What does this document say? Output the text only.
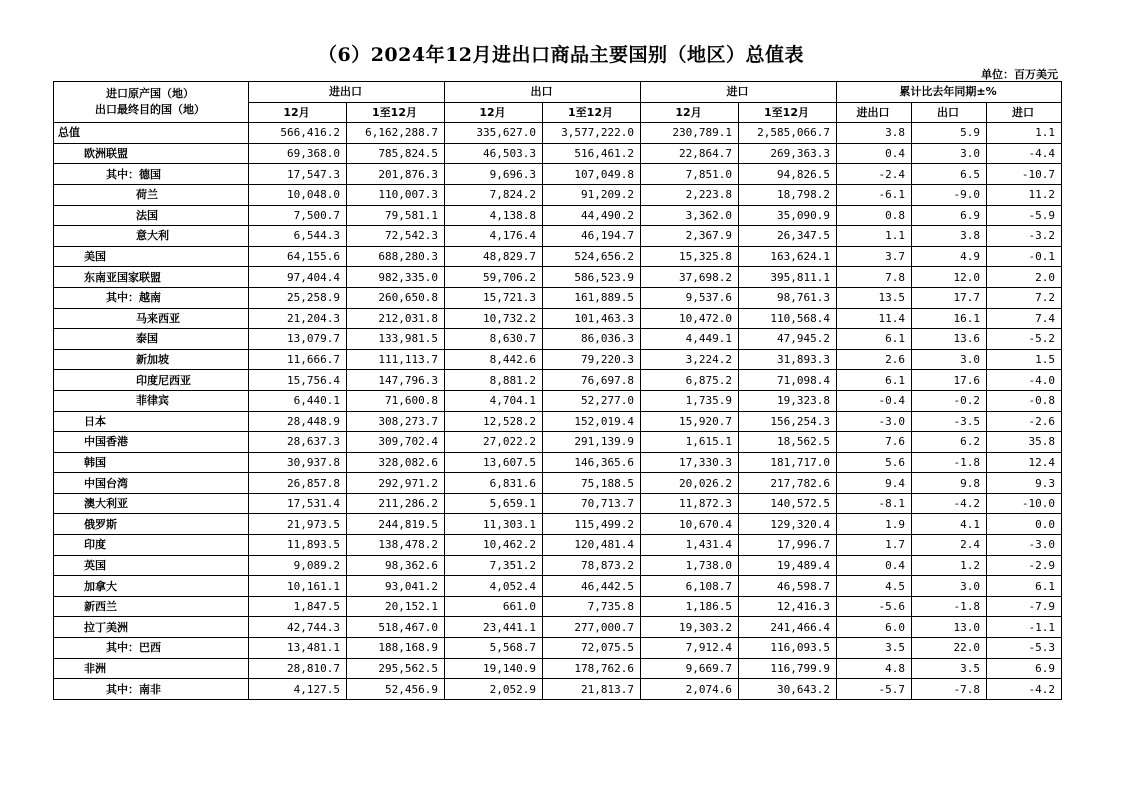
（6）2024年12月进出口商品主要国别（地区）总值表
单位：百万美元
进口原产国（地）
出口最终目的国（地）	进出口		出口		进口		累计比去年同期±%		
	12月	1至12月	12月	1至12月	12月	1至12月	进出口	出口	进口
总值	566,416.2	6,162,288.7	335,627.0	3,577,222.0	230,789.1	2,585,066.7	3.8	5.9	1.1
欧洲联盟	69,368.0	785,824.5	46,503.3	516,461.2	22,864.7	269,363.3	0.4	3.0	-4.4
其中：德国	17,547.3	201,876.3	9,696.3	107,049.8	7,851.0	94,826.5	-2.4	6.5	-10.7
荷兰	10,048.0	110,007.3	7,824.2	91,209.2	2,223.8	18,798.2	-6.1	-9.0	11.2
法国	7,500.7	79,581.1	4,138.8	44,490.2	3,362.0	35,090.9	0.8	6.9	-5.9
意大利	6,544.3	72,542.3	4,176.4	46,194.7	2,367.9	26,347.5	1.1	3.8	-3.2
美国	64,155.6	688,280.3	48,829.7	524,656.2	15,325.8	163,624.1	3.7	4.9	-0.1
东南亚国家联盟	97,404.4	982,335.0	59,706.2	586,523.9	37,698.2	395,811.1	7.8	12.0	2.0
其中：越南	25,258.9	260,650.8	15,721.3	161,889.5	9,537.6	98,761.3	13.5	17.7	7.2
马来西亚	21,204.3	212,031.8	10,732.2	101,463.3	10,472.0	110,568.4	11.4	16.1	7.4
泰国	13,079.7	133,981.5	8,630.7	86,036.3	4,449.1	47,945.2	6.1	13.6	-5.2
新加坡	11,666.7	111,113.7	8,442.6	79,220.3	3,224.2	31,893.3	2.6	3.0	1.5
印度尼西亚	15,756.4	147,796.3	8,881.2	76,697.8	6,875.2	71,098.4	6.1	17.6	-4.0
菲律宾	6,440.1	71,600.8	4,704.1	52,277.0	1,735.9	19,323.8	-0.4	-0.2	-0.8
日本	28,448.9	308,273.7	12,528.2	152,019.4	15,920.7	156,254.3	-3.0	-3.5	-2.6
中国香港	28,637.3	309,702.4	27,022.2	291,139.9	1,615.1	18,562.5	7.6	6.2	35.8
韩国	30,937.8	328,082.6	13,607.5	146,365.6	17,330.3	181,717.0	5.6	-1.8	12.4
中国台湾	26,857.8	292,971.2	6,831.6	75,188.5	20,026.2	217,782.6	9.4	9.8	9.3
澳大利亚	17,531.4	211,286.2	5,659.1	70,713.7	11,872.3	140,572.5	-8.1	-4.2	-10.0
俄罗斯	21,973.5	244,819.5	11,303.1	115,499.2	10,670.4	129,320.4	1.9	4.1	0.0
印度	11,893.5	138,478.2	10,462.2	120,481.4	1,431.4	17,996.7	1.7	2.4	-3.0
英国	9,089.2	98,362.6	7,351.2	78,873.2	1,738.0	19,489.4	0.4	1.2	-2.9
加拿大	10,161.1	93,041.2	4,052.4	46,442.5	6,108.7	46,598.7	4.5	3.0	6.1
新西兰	1,847.5	20,152.1	661.0	7,735.8	1,186.5	12,416.3	-5.6	-1.8	-7.9
拉丁美洲	42,744.3	518,467.0	23,441.1	277,000.7	19,303.2	241,466.4	6.0	13.0	-1.1
其中：巴西	13,481.1	188,168.9	5,568.7	72,075.5	7,912.4	116,093.5	3.5	22.0	-5.3
非洲	28,810.7	295,562.5	19,140.9	178,762.6	9,669.7	116,799.9	4.8	3.5	6.9
其中：南非	4,127.5	52,456.9	2,052.9	21,813.7	2,074.6	30,643.2	-5.7	-7.8	-4.2
